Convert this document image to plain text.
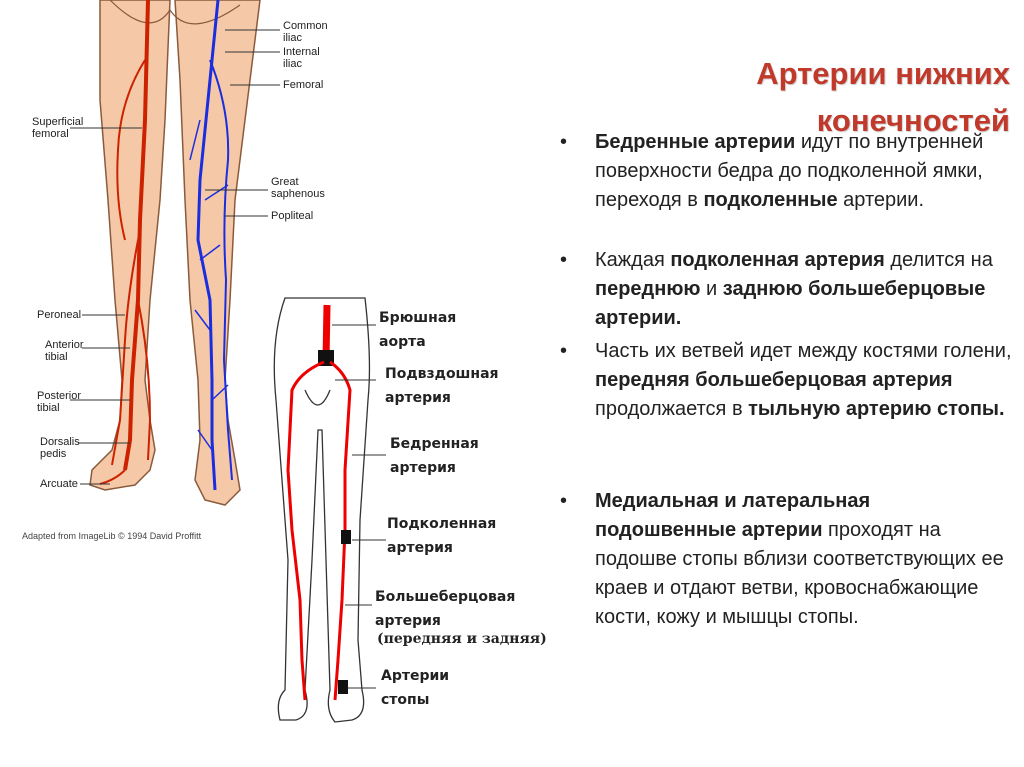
Common
iliac
Internal
iliac
Femoral
Superficial
femoral
Great
saphenous
Popliteal
Peroneal
Anterior
tibial
Posterior
tibial
Dorsalis
pedis
Arcuate
Adapted from ImageLib © 1994 David Proffitt
Брюшная
аорта
Подвздошная
артерия
Бедренная
артерия
Подколенная
артерия
Большеберцовая
артерия
(передняя и задняя)
Артерии
стопы
Артерии нижних
конечностей
•	Бедренные артерии идут по внутренней поверхности бедра до подколенной ямки, переходя в подколенные артерии.
•	Каждая подколенная артерия делится на переднюю и заднюю большеберцовые артерии.
•	Часть их ветвей идет между костями голени, передняя большеберцовая артерия продолжается в тыльную артерию стопы.
•	Медиальная и латеральная подошвенные артерии проходят на подошве стопы вблизи соответствующих ее краев и отдают ветви, кровоснабжающие кости, кожу и мышцы стопы.
